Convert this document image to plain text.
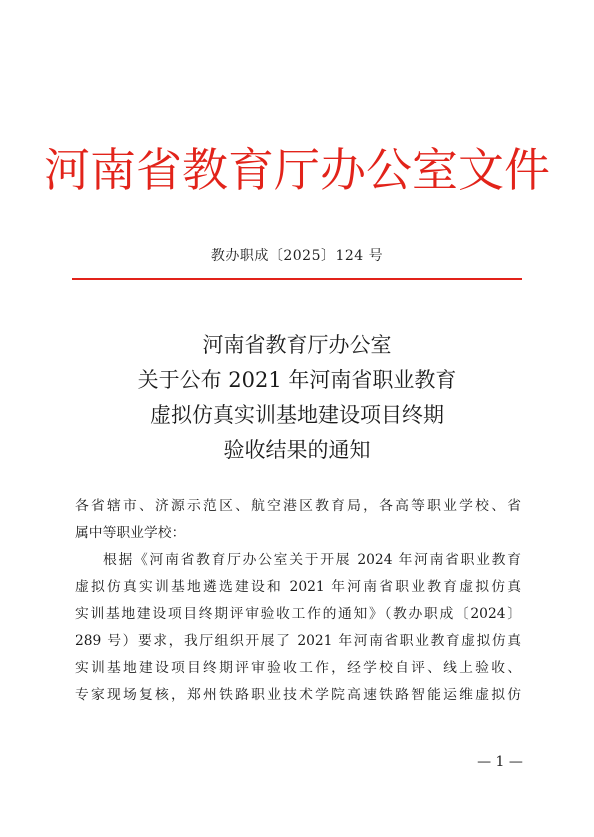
河南省教育厅办公室文件
教办职成〔2025〕124 号
河南省教育厅办公室
关于公布 2021 年河南省职业教育
虚拟仿真实训基地建设项目终期
验收结果的通知
各省辖市、济源示范区、航空港区教育局，各高等职业学校、省
属中等职业学校：
根据《河南省教育厅办公室关于开展 2024 年河南省职业教育
虚拟仿真实训基地遴选建设和 2021 年河南省职业教育虚拟仿真
实训基地建设项目终期评审验收工作的通知》（教办职成〔2024〕
289 号）要求，我厅组织开展了 2021 年河南省职业教育虚拟仿真
实训基地建设项目终期评审验收工作，经学校自评、线上验收、
专家现场复核，郑州铁路职业技术学院高速铁路智能运维虚拟仿
— 1 —
